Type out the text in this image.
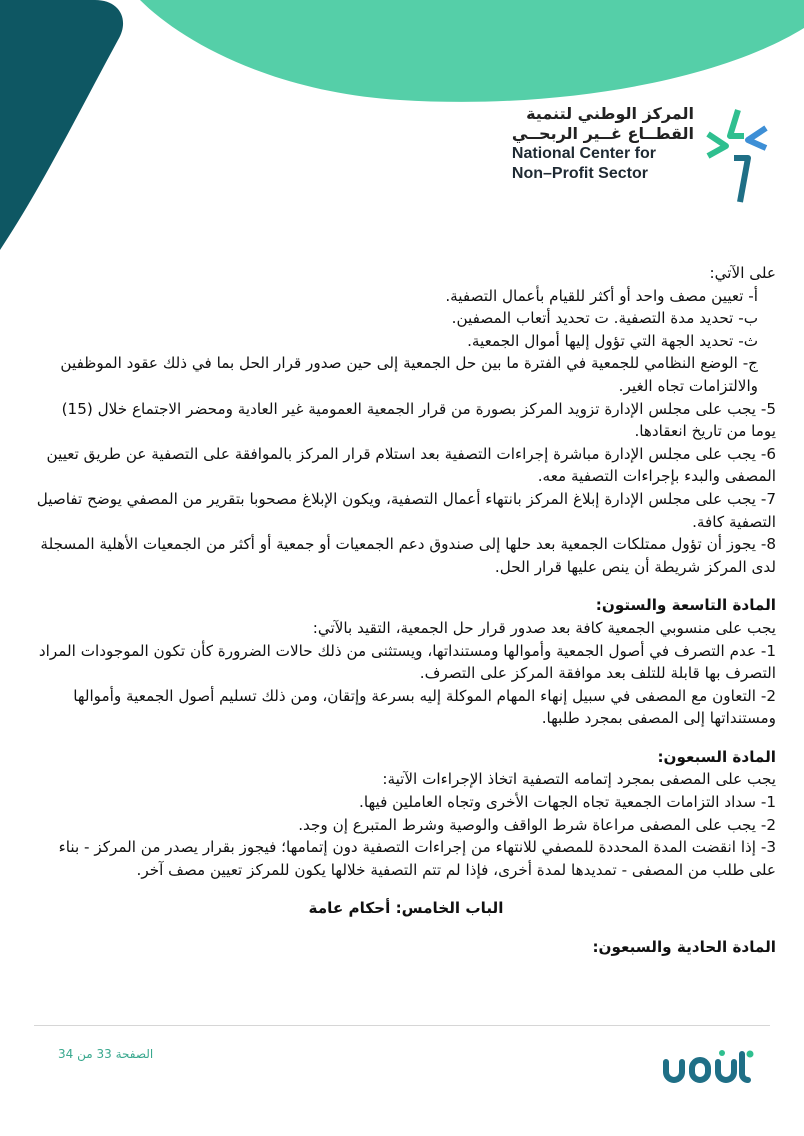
المركز الوطني لتنمية
القطــاع غــير الربحــي
National Center for
Non–Profit Sector

على الآتي:

أ- تعيين مصف واحد أو أكثر للقيام بأعمال التصفية.

ب- تحديد مدة التصفية. ت تحديد أتعاب المصفين.

ث- تحديد الجهة التي تؤول إليها أموال الجمعية.

ج- الوضع النظامي للجمعية في الفترة ما بين حل الجمعية إلى حين صدور قرار الحل بما في ذلك عقود الموظفين والالتزامات تجاه الغير.

5- يجب على مجلس الإدارة تزويد المركز بصورة من قرار الجمعية العمومية غير العادية ومحضر الاجتماع خلال (15) يوما من تاريخ انعقادها.

6- يجب على مجلس الإدارة مباشرة إجراءات التصفية بعد استلام قرار المركز بالموافقة على التصفية عن طريق تعيين المصفى والبدء بإجراءات التصفية معه.

7- يجب على مجلس الإدارة إبلاغ المركز بانتهاء أعمال التصفية، ويكون الإبلاغ مصحوبا بتقرير من المصفي يوضح تفاصيل التصفية كافة.

8- يجوز أن تؤول ممتلكات الجمعية بعد حلها إلى صندوق دعم الجمعيات أو جمعية أو أكثر من الجمعيات الأهلية المسجلة لدى المركز شريطة أن ينص عليها قرار الحل.

المادة التاسعة والستون:

يجب على منسوبي الجمعية كافة بعد صدور قرار حل الجمعية، التقيد بالآتي:

1- عدم التصرف في أصول الجمعية وأموالها ومستنداتها، ويستثنى من ذلك حالات الضرورة كأن تكون الموجودات المراد التصرف بها قابلة للتلف بعد موافقة المركز على التصرف.

2- التعاون مع المصفى في سبيل إنهاء المهام الموكلة إليه بسرعة وإتقان، ومن ذلك تسليم أصول الجمعية وأموالها ومستنداتها إلى المصفى بمجرد طلبها.

المادة السبعون:

يجب على المصفى بمجرد إتمامه التصفية اتخاذ الإجراءات الآتية:

1- سداد التزامات الجمعية تجاه الجهات الأخرى وتجاه العاملين فيها.

2- يجب على المصفى مراعاة شرط الواقف والوصية وشرط المتبرع إن وجد.

3- إذا انقضت المدة المحددة للمصفي للانتهاء من إجراءات التصفية دون إتمامها؛ فيجوز بقرار يصدر من المركز - بناء على طلب من المصفى - تمديدها لمدة أخرى، فإذا لم تتم التصفية خلالها يكون للمركز تعيين مصف آخر.

الباب الخامس: أحكام عامة

المادة الحادية والسبعون:

الصفحة 33 من 34
